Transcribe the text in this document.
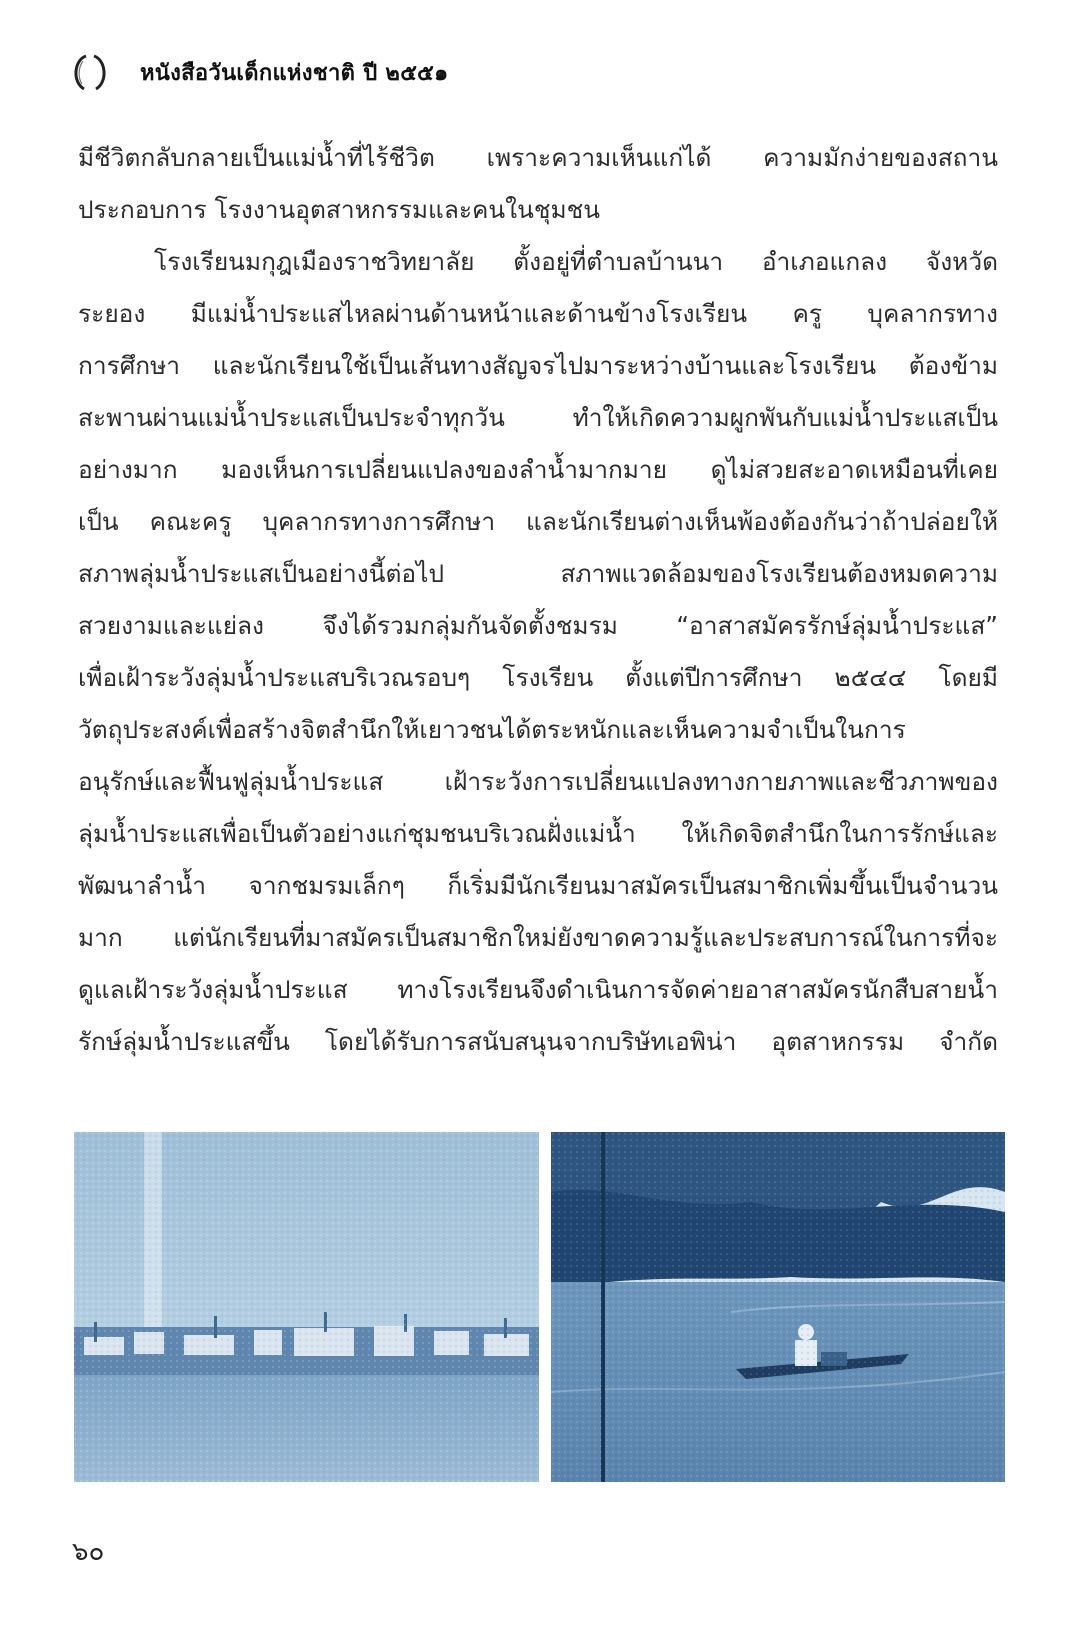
หนังสือวันเด็กแห่งชาติ ปี ๒๕๕๑
มีชีวิตกลับกลายเป็นแม่น้ำที่ไร้ชีวิต เพราะความเห็นแก่ได้ ความมักง่ายของสถาน
ประกอบการ โรงงานอุตสาหกรรมและคนในชุมชน
โรงเรียนมกุฎเมืองราชวิทยาลัย ตั้งอยู่ที่ตำบลบ้านนา อำเภอแกลง จังหวัด
ระยอง มีแม่น้ำประแสไหลผ่านด้านหน้าและด้านข้างโรงเรียน ครู บุคลากรทาง
การศึกษา และนักเรียนใช้เป็นเส้นทางสัญจรไปมาระหว่างบ้านและโรงเรียน ต้องข้าม
สะพานผ่านแม่น้ำประแสเป็นประจำทุกวัน	ทำให้เกิดความผูกพันกับแม่น้ำประแสเป็น
อย่างมาก มองเห็นการเปลี่ยนแปลงของลำน้ำมากมาย ดูไม่สวยสะอาดเหมือนที่เคย
เป็น คณะครู บุคลากรทางการศึกษา และนักเรียนต่างเห็นพ้องต้องกันว่าถ้าปล่อยให้
สภาพลุ่มน้ำประแสเป็นอย่างนี้ต่อไป	สภาพแวดล้อมของโรงเรียนต้องหมดความ
สวยงามและแย่ลง จึงได้รวมกลุ่มกันจัดตั้งชมรม “อาสาสมัครรักษ์ลุ่มน้ำประแส”
เพื่อเฝ้าระวังลุ่มน้ำประแสบริเวณรอบๆ โรงเรียน ตั้งแต่ปีการศึกษา ๒๕๔๔ โดยมี
วัตถุประสงค์เพื่อสร้างจิตสำนึกให้เยาวชนได้ตระหนักและเห็นความจำเป็นในการ
อนุรักษ์และฟื้นฟูลุ่มน้ำประแส	เฝ้าระวังการเปลี่ยนแปลงทางกายภาพและชีวภาพของ
ลุ่มน้ำประแสเพื่อเป็นตัวอย่างแก่ชุมชนบริเวณฝั่งแม่น้ำ ให้เกิดจิตสำนึกในการรักษ์และ
พัฒนาลำน้ำ จากชมรมเล็กๆ ก็เริ่มมีนักเรียนมาสมัครเป็นสมาชิกเพิ่มขึ้นเป็นจำนวน
มาก แต่นักเรียนที่มาสมัครเป็นสมาชิกใหม่ยังขาดความรู้และประสบการณ์ในการที่จะ
ดูแลเฝ้าระวังลุ่มน้ำประแส ทางโรงเรียนจึงดำเนินการจัดค่ายอาสาสมัครนักสืบสายน้ำ
รักษ์ลุ่มน้ำประแสขึ้น โดยได้รับการสนับสนุนจากบริษัทเอพิน่า อุตสาหกรรม จำกัด
๖๐
